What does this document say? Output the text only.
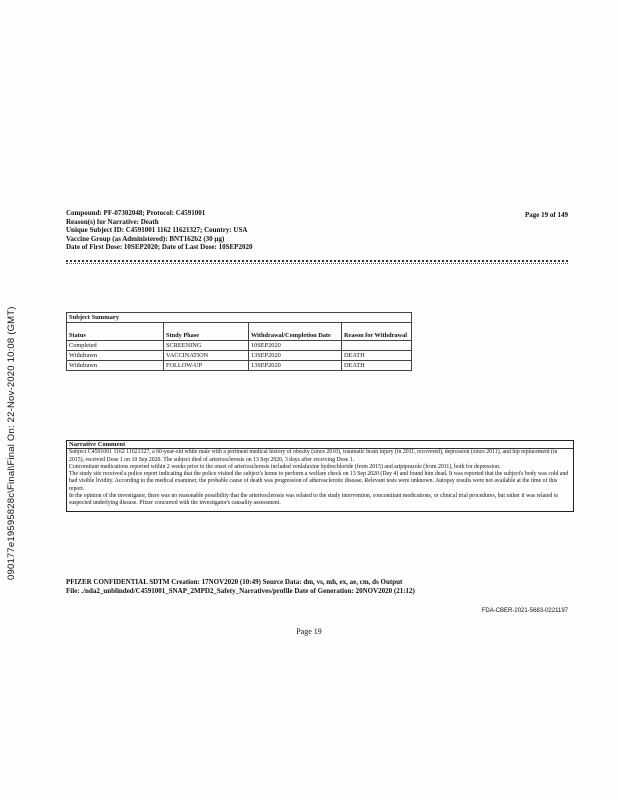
090177e19595828c\Final\Final On: 22-Nov-2020 10:08 (GMT)
Compound: PF-07302048; Protocol: C4591001
Reason(s) for Narrative: Death
Unique Subject ID: C4591001 1162 11621327; Country: USA
Vaccine Group (as Administered): BNT162b2 (30 µg)
Date of First Dose: 10SEP2020; Date of Last Dose: 10SEP2020
Page 19 of 149
Subject Summary			
Status	Study Phase	Withdrawal/Completion Date	Reason for Withdrawal
Completed	SCREENING	10SEP2020	
Withdrawn	VACCINATION	13SEP2020	DEATH
Withdrawn	FOLLOW-UP	13SEP2020	DEATH
Narrative Comment

Subject C4591001 1162 11621327, a 60-year-old white male with a pertinent medical history of obesity (since 2010), traumatic brain injury (in 2011, recovered), depression (since 2011), and hip replacement (in 2015), received Dose 1 on 10 Sep 2020. The subject died of arteriosclerosis on 13 Sep 2020, 3 days after receiving Dose 1.

Concomitant medications reported within 2 weeks prior to the onset of arteriosclerosis included venlafaxine hydrochloride (from 2015) and aripiprazole (from 2011), both for depression.

The study site received a police report indicating that the police visited the subject's home to perform a welfare check on 13 Sep 2020 (Day 4) and found him dead. It was reported that the subject's body was cold and had visible lividity. According to the medical examiner, the probable cause of death was progression of atherosclerotic disease. Relevant tests were unknown. Autopsy results were not available at the time of this report.

In the opinion of the investigator, there was no reasonable possibility that the arteriosclerosis was related to the study intervention, concomitant medications, or clinical trial procedures, but rather it was related to suspected underlying disease. Pfizer concurred with the investigator's causality assessment.

PFIZER CONFIDENTIAL SDTM Creation: 17NOV2020 (10:49) Source Data: dm, vs, mh, ex, ae, cm, ds Output
File: ./nda2_unblinded/C4591001_SNAP_2MPD2_Safety_Narratives/profile Date of Generation: 20NOV2020 (21:12)
FDA-CBER-2021-5683-0221197
Page 19
